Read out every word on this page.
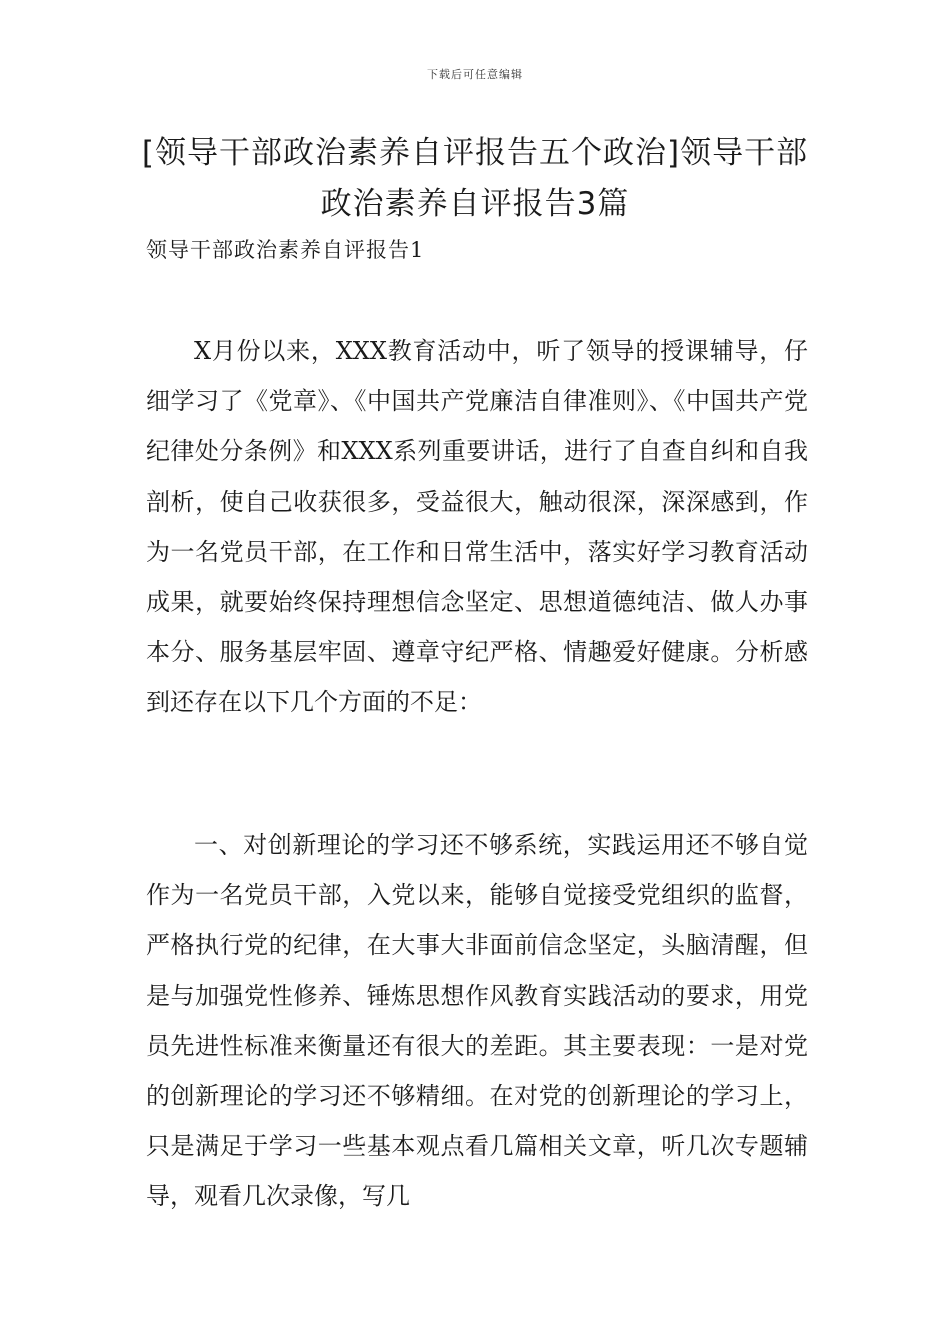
下载后可任意编辑
[领导干部政治素养自评报告五个政治]领导干部政治素养自评报告3篇

领导干部政治素养自评报告1

X月份以来，XXX教育活动中，听了领导的授课辅导，仔细学习了《党章》、《中国共产党廉洁自律准则》、《中国共产党纪律处分条例》和XXX系列重要讲话，进行了自查自纠和自我剖析，使自己收获很多，受益很大，触动很深，深深感到，作为一名党员干部，在工作和日常生活中，落实好学习教育活动成果，就要始终保持理想信念坚定、思想道德纯洁、做人办事本分、服务基层牢固、遵章守纪严格、情趣爱好健康。分析感到还存在以下几个方面的不足：

一、对创新理论的学习还不够系统，实践运用还不够自觉作为一名党员干部，入党以来，能够自觉接受党组织的监督，严格执行党的纪律，在大事大非面前信念坚定，头脑清醒，但是与加强党性修养、锤炼思想作风教育实践活动的要求，用党员先进性标准来衡量还有很大的差距。其主要表现：一是对党的创新理论的学习还不够精细。在对党的创新理论的学习上，只是满足于学习一些基本观点看几篇相关文章，听几次专题辅导，观看几次录像，写几
